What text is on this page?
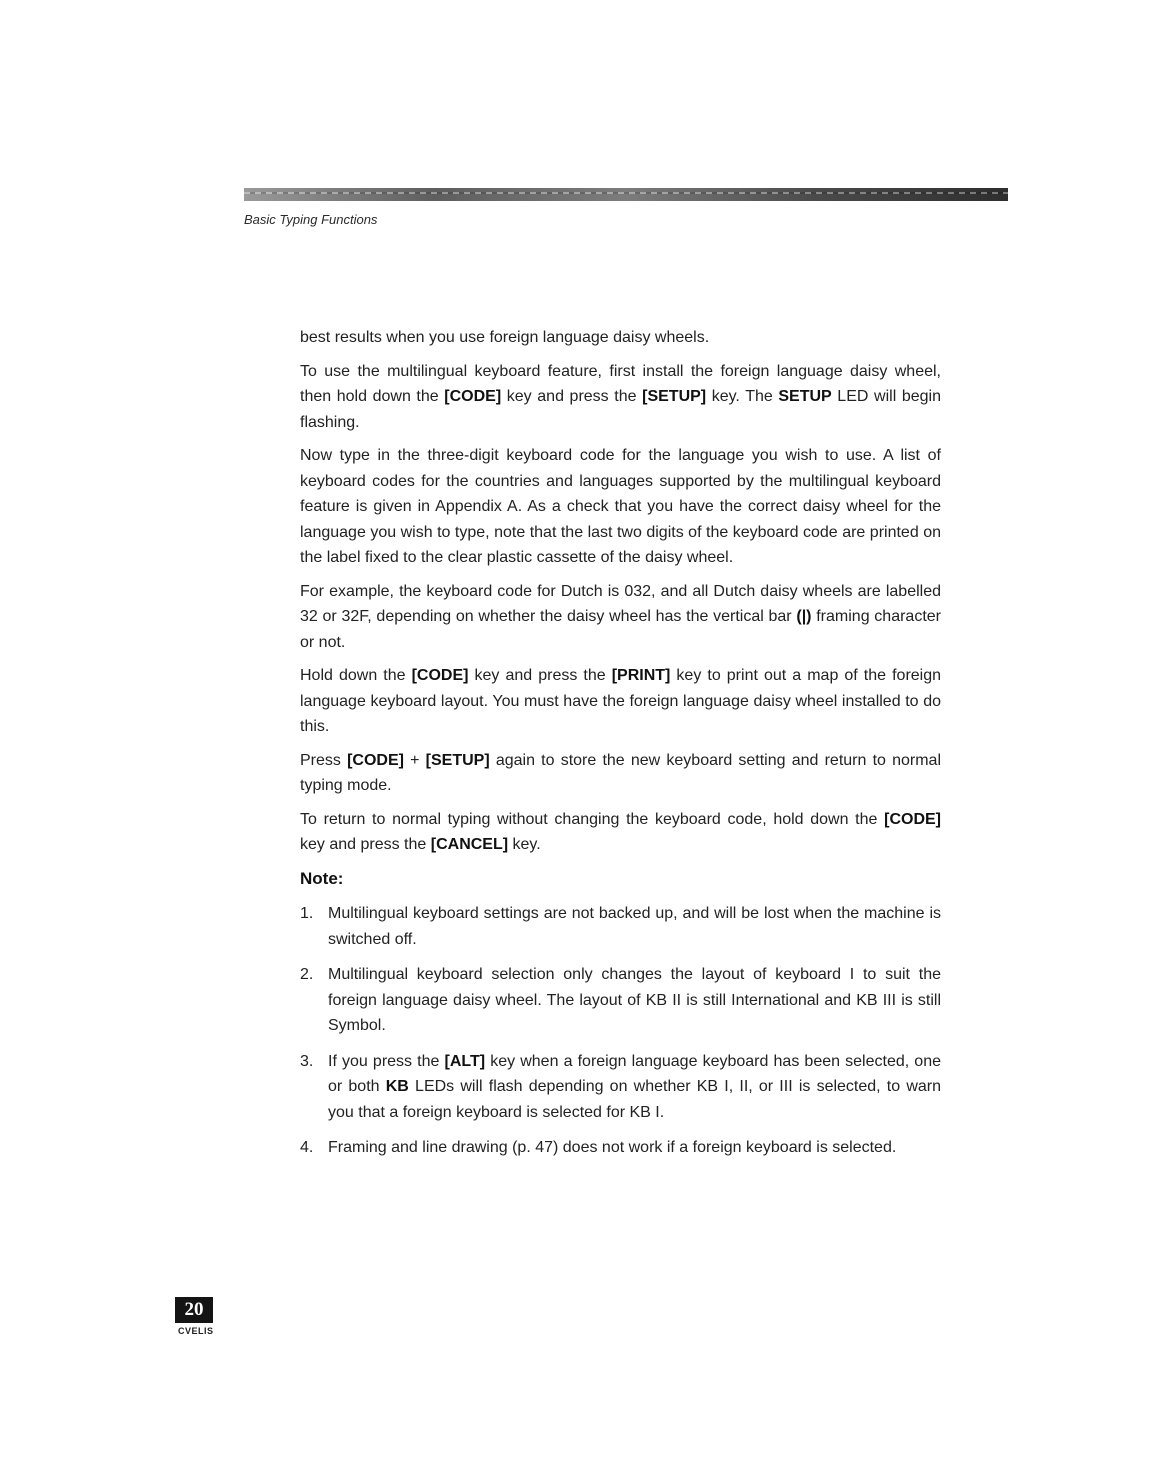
Basic Typing Functions

best results when you use foreign language daisy wheels.

To use the multilingual keyboard feature, first install the foreign language daisy wheel, then hold down the [CODE] key and press the [SETUP] key. The SETUP LED will begin flashing.

Now type in the three-digit keyboard code for the language you wish to use. A list of keyboard codes for the countries and languages supported by the multilingual keyboard feature is given in Appendix A. As a check that you have the correct daisy wheel for the language you wish to type, note that the last two digits of the keyboard code are printed on the label fixed to the clear plastic cassette of the daisy wheel.

For example, the keyboard code for Dutch is 032, and all Dutch daisy wheels are labelled 32 or 32F, depending on whether the daisy wheel has the vertical bar (|) framing character or not.

Hold down the [CODE] key and press the [PRINT] key to print out a map of the foreign language keyboard layout. You must have the foreign language daisy wheel installed to do this.

Press [CODE] + [SETUP] again to store the new keyboard setting and return to normal typing mode.

To return to normal typing without changing the keyboard code, hold down the [CODE] key and press the [CANCEL] key.

Note:
1. Multilingual keyboard settings are not backed up, and will be lost when the machine is switched off.
2. Multilingual keyboard selection only changes the layout of keyboard I to suit the foreign language daisy wheel. The layout of KB II is still International and KB III is still Symbol.
3. If you press the [ALT] key when a foreign language keyboard has been selected, one or both KB LEDs will flash depending on whether KB I, II, or III is selected, to warn you that a foreign keyboard is selected for KB I.
4. Framing and line drawing (p. 47) does not work if a foreign keyboard is selected.
20
CVELIS
